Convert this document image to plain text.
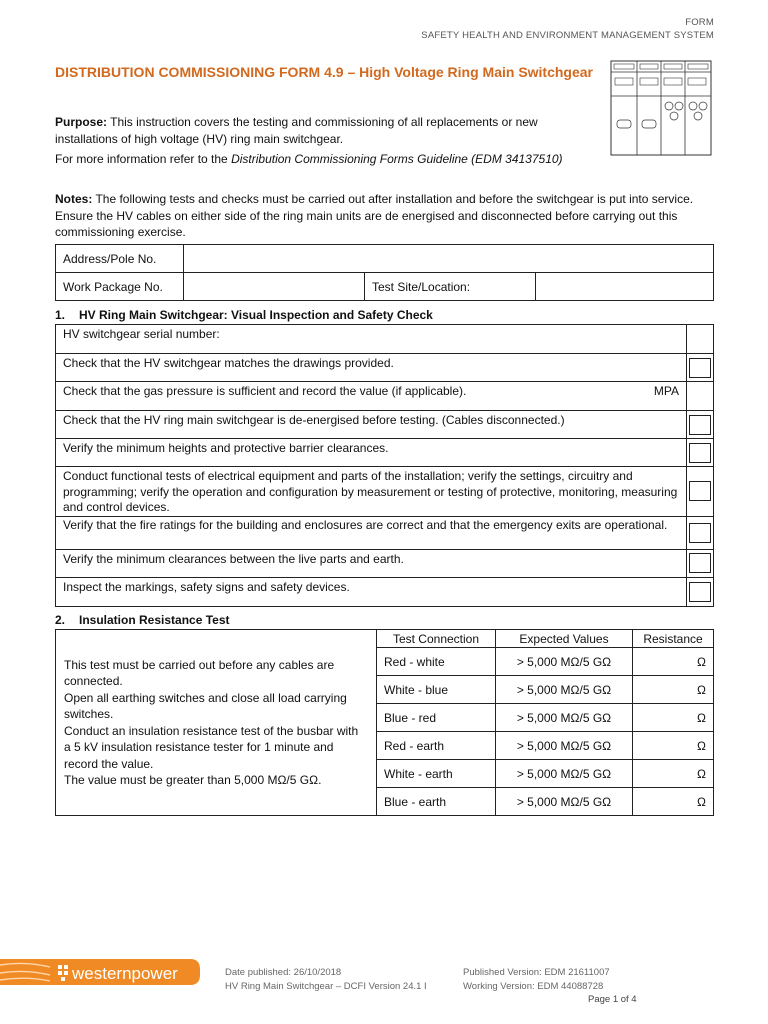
FORM
SAFETY HEALTH AND ENVIRONMENT MANAGEMENT SYSTEM
DISTRIBUTION COMMISSIONING FORM 4.9 – High Voltage Ring Main Switchgear
Purpose: This instruction covers the testing and commissioning of all replacements or new installations of high voltage (HV) ring main switchgear.
For more information refer to the Distribution Commissioning Forms Guideline (EDM 34137510)
Notes: The following tests and checks must be carried out after installation and before the switchgear is put into service. Ensure the HV cables on either side of the ring main units are de energised and disconnected before carrying out this commissioning exercise.
Address/Pole No.			
Work Package No.		Test Site/Location:	
1. HV Ring Main Switchgear: Visual Inspection and Safety Check
HV switchgear serial number:	
Check that the HV switchgear matches the drawings provided.	
Check that the gas pressure is sufficient and record the value (if applicable). MPA	

Check that the HV ring main switchgear is de-energised before testing. (Cables disconnected.)	
Verify the minimum heights and protective barrier clearances.	
Conduct functional tests of electrical equipment and parts of the installation; verify the settings, circuitry and programming; verify the operation and configuration by measurement or testing of protective, monitoring, measuring and control devices.	
Verify that the fire ratings for the building and enclosures are correct and that the emergency exits are operational.	
Verify the minimum clearances between the live parts and earth.	
Inspect the markings, safety signs and safety devices.	
2. Insulation Resistance Test
This test must be carried out before any cables are connected.
Open all earthing switches and close all load carrying switches.
Conduct an insulation resistance test of the busbar with a 5 kV insulation resistance tester for 1 minute and record the value.
The value must be greater than 5,000 MΩ/5 GΩ.	Test Connection	Expected Values	Resistance
	Red - white	> 5,000 MΩ/5 GΩ	Ω
	White - blue	> 5,000 MΩ/5 GΩ	Ω
	Blue - red	> 5,000 MΩ/5 GΩ	Ω
	Red - earth	> 5,000 MΩ/5 GΩ	Ω
	White - earth	> 5,000 MΩ/5 GΩ	Ω
	Blue - earth	> 5,000 MΩ/5 GΩ	Ω
westernpower	Date published: 26/10/2018
HV Ring Main Switchgear – DCFI Version 24.1 I
Published Version: EDM 21611007
Working Version: EDM 44088728
Page 1 of 4
